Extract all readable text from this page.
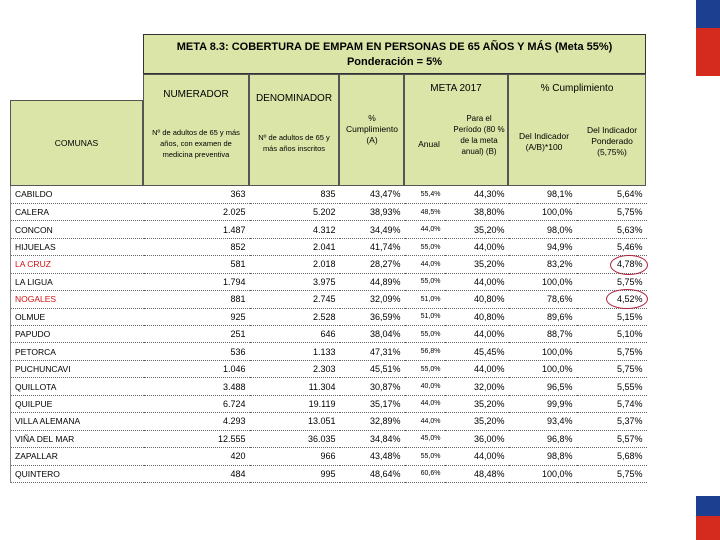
META 8.3: COBERTURA DE EMPAM EN PERSONAS DE 65 AÑOS Y MÁS (Meta 55%)
Ponderación = 5%
NUMERADOR
Nº de adultos de 65 y más años, con examen de medicina preventiva
DENOMINADOR
Nº de adultos de 65 y más años inscritos
% Cumplimiento (A)
META 2017
Anual
Para el Período (80 % de la meta anual) (B)
% Cumplimiento
Del Indicador (A/B)*100
Del Indicador Ponderado (5,75%)
COMUNAS
CABILDO	363	835	43,47%	55,4%	44,30%	98,1%	5,64%
CALERA	2.025	5.202	38,93%	48,5%	38,80%	100,0%	5,75%
CONCON	1.487	4.312	34,49%	44,0%	35,20%	98,0%	5,63%
HIJUELAS	852	2.041	41,74%	55,0%	44,00%	94,9%	5,46%
LA CRUZ	581	2.018	28,27%	44,0%	35,20%	83,2%	4,78%
LA LIGUA	1.794	3.975	44,89%	55,0%	44,00%	100,0%	5,75%
NOGALES	881	2.745	32,09%	51,0%	40,80%	78,6%	4,52%
OLMUE	925	2.528	36,59%	51,0%	40,80%	89,6%	5,15%
PAPUDO	251	646	38,04%	55,0%	44,00%	88,7%	5,10%
PETORCA	536	1.133	47,31%	56,8%	45,45%	100,0%	5,75%
PUCHUNCAVI	1.046	2.303	45,51%	55,0%	44,00%	100,0%	5,75%
QUILLOTA	3.488	11.304	30,87%	40,0%	32,00%	96,5%	5,55%
QUILPUE	6.724	19.119	35,17%	44,0%	35,20%	99,9%	5,74%
VILLA ALEMANA	4.293	13.051	32,89%	44,0%	35,20%	93,4%	5,37%
VIÑA DEL MAR	12.555	36.035	34,84%	45,0%	36,00%	96,8%	5,57%
ZAPALLAR	420	966	43,48%	55,0%	44,00%	98,8%	5,68%
QUINTERO	484	995	48,64%	60,6%	48,48%	100,0%	5,75%
